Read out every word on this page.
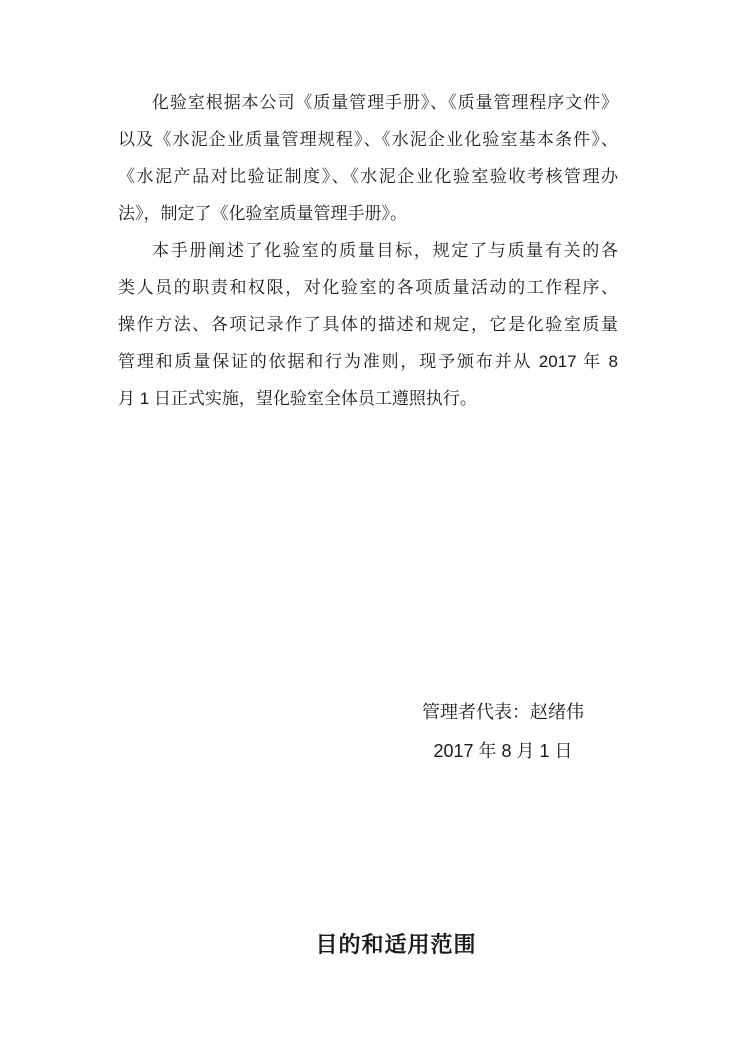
化验室根据本公司《质量管理手册》、《质量管理程序文件》
以及《水泥企业质量管理规程》、《水泥企业化验室基本条件》、
《水泥产品对比验证制度》、《水泥企业化验室验收考核管理办
法》，制定了《化验室质量管理手册》。
本手册阐述了化验室的质量目标，规定了与质量有关的各
类人员的职责和权限，对化验室的各项质量活动的工作程序、
操作方法、各项记录作了具体的描述和规定，它是化验室质量
管理和质量保证的依据和行为准则，现予颁布并从 2017 年 8
月 1 日正式实施，望化验室全体员工遵照执行。
管理者代表：赵绪伟
2017 年 8 月 1 日
目的和适用范围
